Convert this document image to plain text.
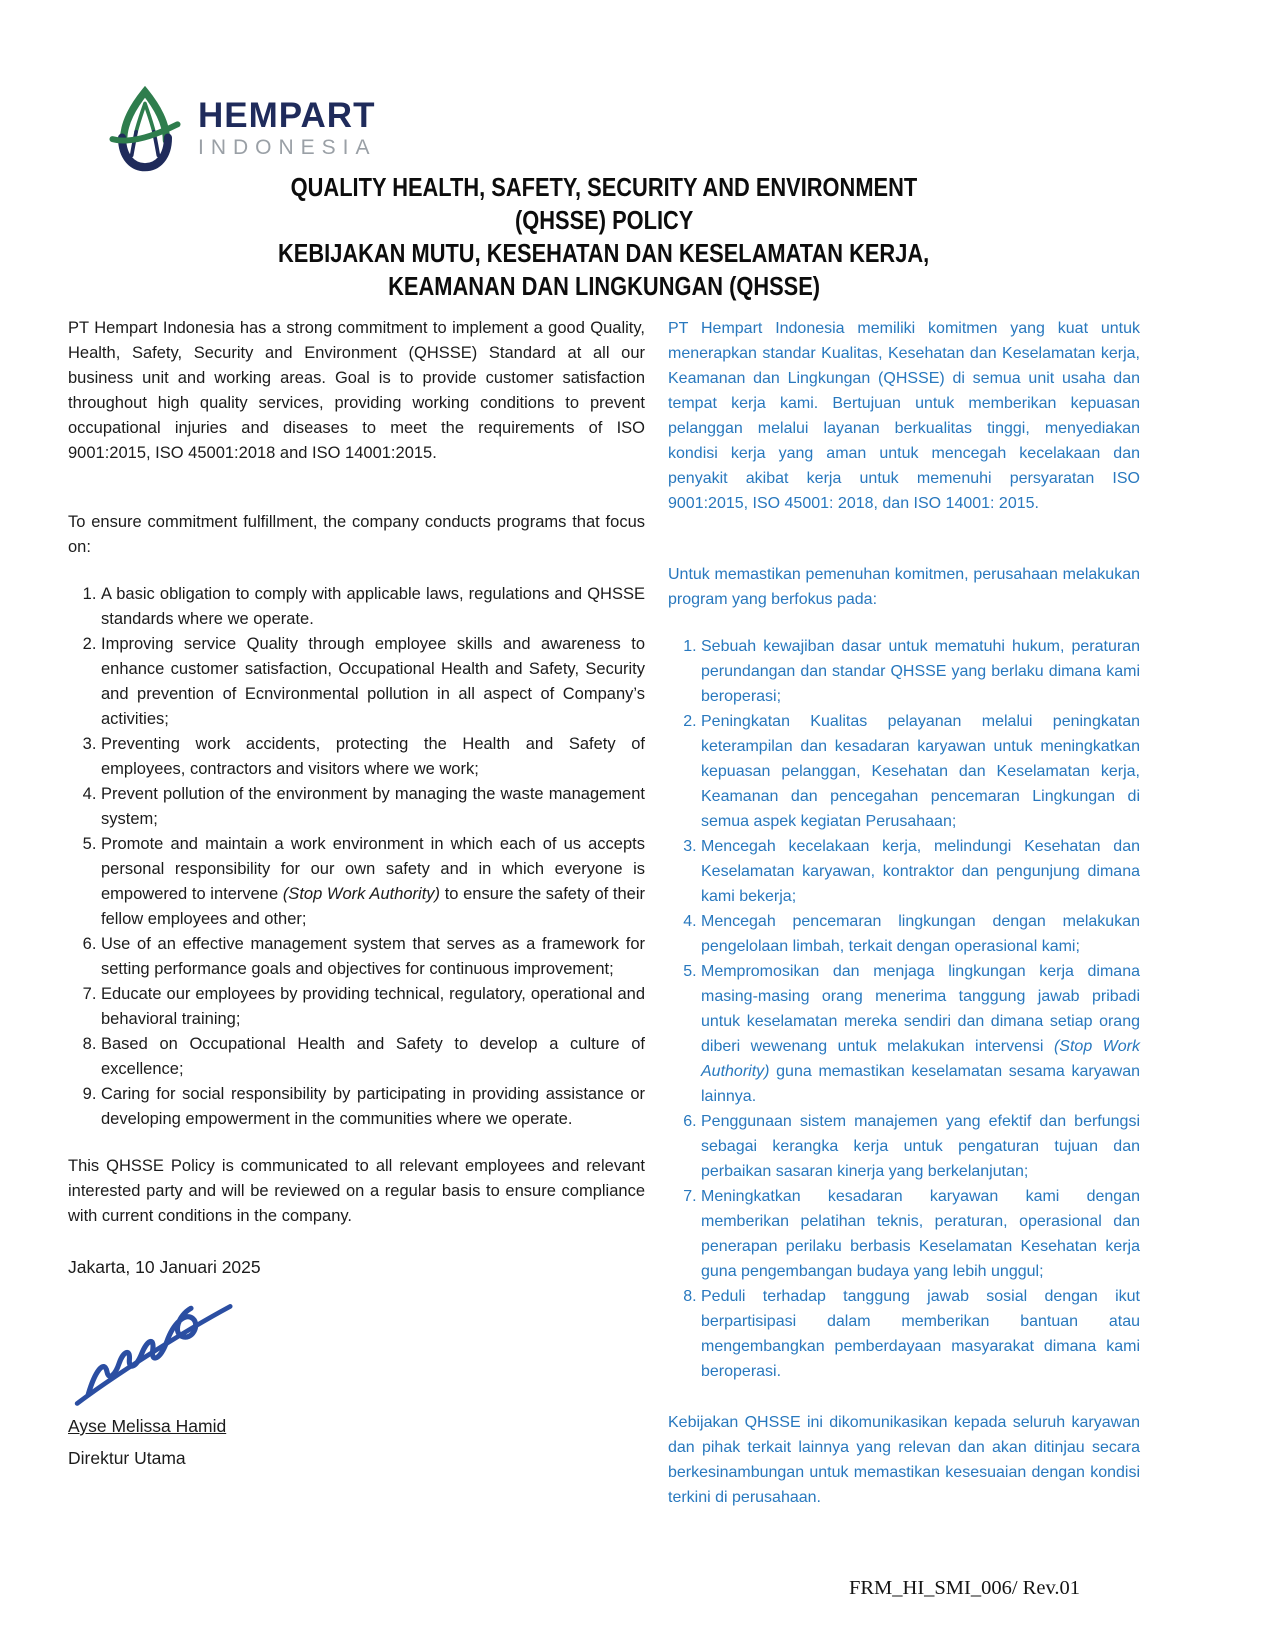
HEMPART
INDONESIA
QUALITY HEALTH, SAFETY, SECURITY AND ENVIRONMENT
(QHSSE) POLICY
KEBIJAKAN MUTU, KESEHATAN DAN KESELAMATAN KERJA,
KEAMANAN DAN LINGKUNGAN (QHSSE)

PT Hempart Indonesia has a strong commitment to implement a good Quality, Health, Safety, Security and Environment (QHSSE) Standard at all our business unit and working areas. Goal is to provide customer satisfaction throughout high quality services, providing working conditions to prevent occupational injuries and diseases to meet the requirements of ISO 9001:2015, ISO 45001:2018 and ISO 14001:2015.

To ensure commitment fulfillment, the company conducts programs that focus on:

1. A basic obligation to comply with applicable laws, regulations and QHSSE standards where we operate.
2. Improving service Quality through employee skills and awareness to enhance customer satisfaction, Occupational Health and Safety, Security and prevention of Ecnvironmental pollution in all aspect of Company’s activities;
3. Preventing work accidents, protecting the Health and Safety of employees, contractors and visitors where we work;
4. Prevent pollution of the environment by managing the waste management system;
5. Promote and maintain a work environment in which each of us accepts personal responsibility for our own safety and in which everyone is empowered to intervene (Stop Work Authority) to ensure the safety of their fellow employees and other;
6. Use of an effective management system that serves as a framework for setting performance goals and objectives for continuous improvement;
7. Educate our employees by providing technical, regulatory, operational and behavioral training;
8. Based on Occupational Health and Safety to develop a culture of excellence;
9. Caring for social responsibility by participating in providing assistance or developing empowerment in the communities where we operate.

This QHSSE Policy is communicated to all relevant employees and relevant interested party and will be reviewed on a regular basis to ensure compliance with current conditions in the company.

Jakarta, 10 Januari 2025

Ayse Melissa Hamid

Direktur Utama

PT Hempart Indonesia memiliki komitmen yang kuat untuk menerapkan standar Kualitas, Kesehatan dan Keselamatan kerja, Keamanan dan Lingkungan (QHSSE) di semua unit usaha dan tempat kerja kami. Bertujuan untuk memberikan kepuasan pelanggan melalui layanan berkualitas tinggi, menyediakan kondisi kerja yang aman untuk mencegah kecelakaan dan penyakit akibat kerja untuk memenuhi persyaratan ISO 9001:2015, ISO 45001: 2018, dan ISO 14001: 2015.

Untuk memastikan pemenuhan komitmen, perusahaan melakukan program yang berfokus pada:

1. Sebuah kewajiban dasar untuk mematuhi hukum, peraturan perundangan dan standar QHSSE yang berlaku dimana kami beroperasi;
2. Peningkatan Kualitas pelayanan melalui peningkatan keterampilan dan kesadaran karyawan untuk meningkatkan kepuasan pelanggan, Kesehatan dan Keselamatan kerja, Keamanan dan pencegahan pencemaran Lingkungan di semua aspek kegiatan Perusahaan;
3. Mencegah kecelakaan kerja, melindungi Kesehatan dan Keselamatan karyawan, kontraktor dan pengunjung dimana kami bekerja;
4. Mencegah pencemaran lingkungan dengan melakukan pengelolaan limbah, terkait dengan operasional kami;
5. Mempromosikan dan menjaga lingkungan kerja dimana masing-masing orang menerima tanggung jawab pribadi untuk keselamatan mereka sendiri dan dimana setiap orang diberi wewenang untuk melakukan intervensi (Stop Work Authority) guna memastikan keselamatan sesama karyawan lainnya.
6. Penggunaan sistem manajemen yang efektif dan berfungsi sebagai kerangka kerja untuk pengaturan tujuan dan perbaikan sasaran kinerja yang berkelanjutan;
7. Meningkatkan kesadaran karyawan kami dengan memberikan pelatihan teknis, peraturan, operasional dan penerapan perilaku berbasis Keselamatan Kesehatan kerja guna pengembangan budaya yang lebih unggul;
8. Peduli terhadap tanggung jawab sosial dengan ikut berpartisipasi dalam memberikan bantuan atau mengembangkan pemberdayaan masyarakat dimana kami beroperasi.

Kebijakan QHSSE ini dikomunikasikan kepada seluruh karyawan dan pihak terkait lainnya yang relevan dan akan ditinjau secara berkesinambungan untuk memastikan kesesuaian dengan kondisi terkini di perusahaan.

FRM_HI_SMI_006/ Rev.01
